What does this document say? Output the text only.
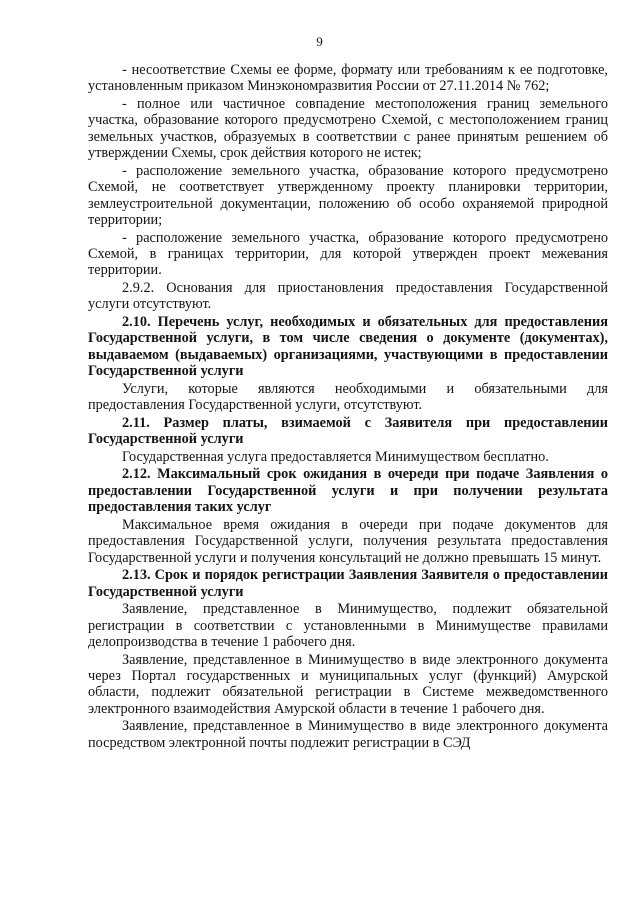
9

- несоответствие Схемы ее форме, формату или требованиям к ее подготовке, установленным приказом Минэкономразвития России от 27.11.2014 № 762;

- полное или частичное совпадение местоположения границ земельного участка, образование которого предусмотрено Схемой, с местоположением границ земельных участков, образуемых в соответствии с ранее принятым решением об утверждении Схемы, срок действия которого не истек;

- расположение земельного участка, образование которого предусмотрено Схемой, не соответствует утвержденному проекту планировки территории, землеустроительной документации, положению об особо охраняемой природной территории;

- расположение земельного участка, образование которого предусмотрено Схемой, в границах территории, для которой утвержден проект межевания территории.

2.9.2. Основания для приостановления предоставления Государственной услуги отсутствуют.

2.10. Перечень услуг, необходимых и обязательных для предоставления Государственной услуги, в том числе сведения о документе (документах), выдаваемом (выдаваемых) организациями, участвующими в предоставлении Государственной услуги

Услуги, которые являются необходимыми и обязательными для предоставления Государственной услуги, отсутствуют.

2.11. Размер платы, взимаемой с Заявителя при предоставлении Государственной услуги

Государственная услуга предоставляется Минимуществом бесплатно.

2.12. Максимальный срок ожидания в очереди при подаче Заявления о предоставлении Государственной услуги и при получении результата предоставления таких услуг

Максимальное время ожидания в очереди при подаче документов для предоставления Государственной услуги, получения результата предоставления Государственной услуги и получения консультаций не должно превышать 15 минут.

2.13. Срок и порядок регистрации Заявления Заявителя о предоставлении Государственной услуги

Заявление, представленное в Минимущество, подлежит обязательной регистрации в соответствии с установленными в Минимуществе правилами делопроизводства в течение 1 рабочего дня.

Заявление, представленное в Минимущество в виде электронного документа через Портал государственных и муниципальных услуг (функций) Амурской области, подлежит обязательной регистрации в Системе межведомственного электронного взаимодействия Амурской области в течение 1 рабочего дня.

Заявление, представленное в Минимущество в виде электронного документа посредством электронной почты подлежит регистрации в СЭД
